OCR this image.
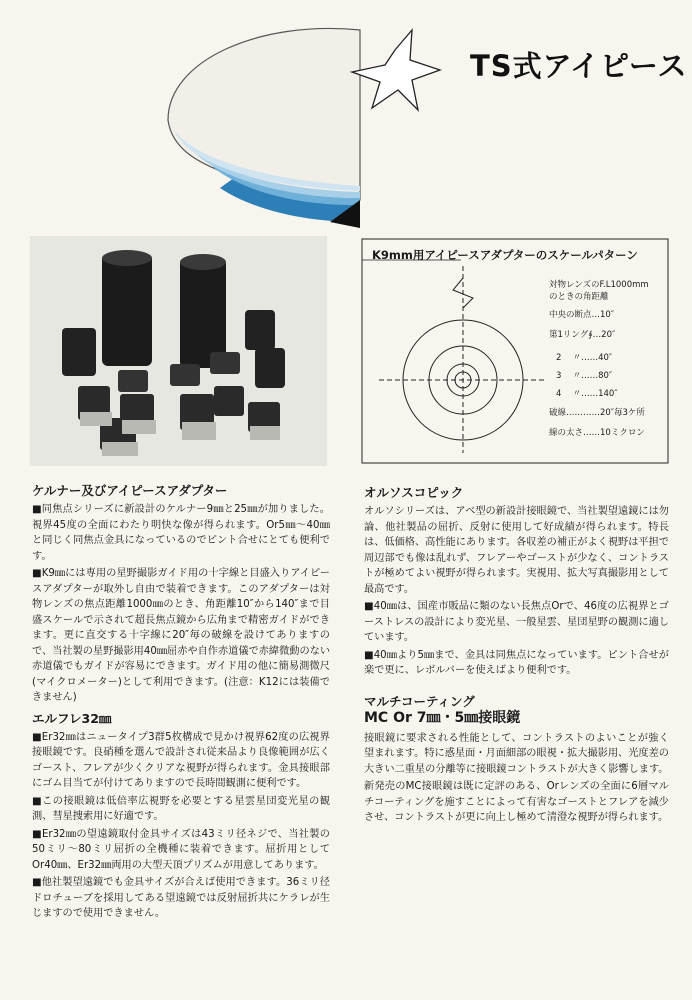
TS式アイピース
K9mm用アイピースアダプターのスケールパターン
対物レンズのF.L1000mm
のときの角距離
中央の断点…10″
第1リング∮…20″
2　 〃……40″
3　 〃……80″
4　 〃……140″
破線…………20″毎3ケ所
線の太さ……10ミクロン
ケルナー及びアイピースアダプター
■同焦点シリーズに新設計のケルナー9㎜と25㎜が加りました。視界45度の全面にわたり明快な像が得られます。Or5㎜～40㎜と同じく同焦点金具になっているのでピント合せにとても便利です。
■K9㎜には専用の星野撮影ガイド用の十字線と目盛入りアイピースアダプターが取外し自由で装着できます。このアダプターは対物レンズの焦点距離1000㎜のとき、角距離10″から140″まで目盛スケールで示されて超長焦点鏡から広角まで精密ガイドができます。更に直交する十字線に20″毎の破線を設けてありますので、当社製の星野撮影用40㎜屈赤や自作赤道儀で赤緯微動のない赤道儀でもガイドが容易にできます。ガイド用の他に簡易測微尺(マイクロメーター)として利用できます。(注意：K12には装備できません)
エルフレ32㎜
■Er32㎜はニュータイプ3群5枚構成で見かけ視界62度の広視界接眼鏡です。良硝種を選んで設計され従来品より良像範囲が広くゴースト、フレアが少くクリアな視野が得られます。金具接眼部にゴム目当てが付けてありますので長時間観測に便利です。
■この接眼鏡は低倍率広視野を必要とする星雲星団変光星の観測、彗星捜索用に好適です。
■Er32㎜の望遠鏡取付金具サイズは43ミリ径ネジで、当社製の50ミリ～80ミリ屈折の全機種に装着できます。屈折用としてOr40㎜、Er32㎜両用の大型天頂プリズムが用意してあります。
■他社製望遠鏡でも金具サイズが合えば使用できます。36ミリ径ドロチューブを採用してある望遠鏡では反射屈折共にケラレが生じますので使用できません。
オルソスコピック
オルソシリーズは、アベ型の新設計接眼鏡で、当社製望遠鏡には勿論、他社製品の屈折、反射に使用して好成績が得られます。特長は、低価格、高性能にあります。各収差の補正がよく視野は平担で周辺部でも像は乱れず、フレアーやゴーストが少なく、コントラストが極めてよい視野が得られます。実視用、拡大写真撮影用として最高です。
■40㎜は、国産市販品に類のない長焦点Orで、46度の広視界とゴーストレスの設計により変光星、一般星雲、星団星野の観測に適しています。
■40㎜より5㎜まで、金具は同焦点になっています。ピント合せが楽で更に、レボルバーを使えばより便利です。
マルチコーティング
MC Or 7㎜・5㎜接眼鏡
接眼鏡に要求される性能として、コントラストのよいことが強く望まれます。特に惑星面・月面細部の眼視・拡大撮影用、光度差の大きい二重星の分離等に接眼鏡コントラストが大きく影響します。
新発売のMC接眼鏡は既に定評のある、Orレンズの全面に6層マルチコーティングを施すことによって有害なゴーストとフレアを減少させ、コントラストが更に向上し極めて清澄な視野が得られます。
